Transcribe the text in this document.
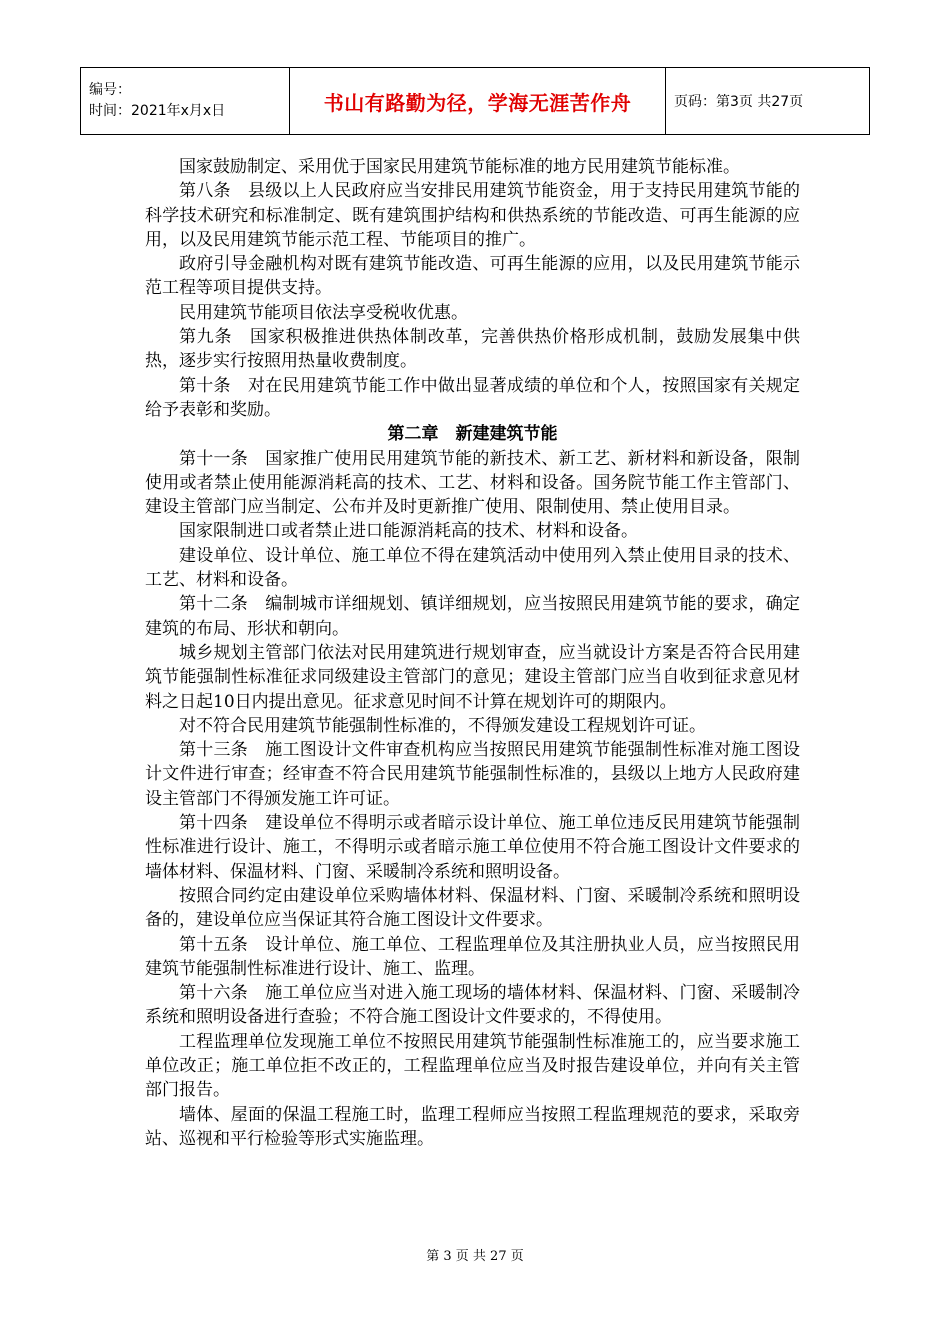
编号：
时间：2021年x月x日	书山有路勤为径，学海无涯苦作舟	页码：第3页 共27页

国家鼓励制定、采用优于国家民用建筑节能标准的地方民用建筑节能标准。

第八条　县级以上人民政府应当安排民用建筑节能资金，用于支持民用建筑节能的科学技术研究和标准制定、既有建筑围护结构和供热系统的节能改造、可再生能源的应用，以及民用建筑节能示范工程、节能项目的推广。

政府引导金融机构对既有建筑节能改造、可再生能源的应用，以及民用建筑节能示范工程等项目提供支持。

民用建筑节能项目依法享受税收优惠。

第九条　国家积极推进供热体制改革，完善供热价格形成机制，鼓励发展集中供热，逐步实行按照用热量收费制度。

第十条　对在民用建筑节能工作中做出显著成绩的单位和个人，按照国家有关规定给予表彰和奖励。

第二章　新建建筑节能

第十一条　国家推广使用民用建筑节能的新技术、新工艺、新材料和新设备，限制使用或者禁止使用能源消耗高的技术、工艺、材料和设备。国务院节能工作主管部门、建设主管部门应当制定、公布并及时更新推广使用、限制使用、禁止使用目录。

国家限制进口或者禁止进口能源消耗高的技术、材料和设备。

建设单位、设计单位、施工单位不得在建筑活动中使用列入禁止使用目录的技术、工艺、材料和设备。

第十二条　编制城市详细规划、镇详细规划，应当按照民用建筑节能的要求，确定建筑的布局、形状和朝向。

城乡规划主管部门依法对民用建筑进行规划审查，应当就设计方案是否符合民用建筑节能强制性标准征求同级建设主管部门的意见；建设主管部门应当自收到征求意见材料之日起10日内提出意见。征求意见时间不计算在规划许可的期限内。

对不符合民用建筑节能强制性标准的，不得颁发建设工程规划许可证。

第十三条　施工图设计文件审查机构应当按照民用建筑节能强制性标准对施工图设计文件进行审查；经审查不符合民用建筑节能强制性标准的，县级以上地方人民政府建设主管部门不得颁发施工许可证。

第十四条　建设单位不得明示或者暗示设计单位、施工单位违反民用建筑节能强制性标准进行设计、施工，不得明示或者暗示施工单位使用不符合施工图设计文件要求的墙体材料、保温材料、门窗、采暖制冷系统和照明设备。

按照合同约定由建设单位采购墙体材料、保温材料、门窗、采暖制冷系统和照明设备的，建设单位应当保证其符合施工图设计文件要求。

第十五条　设计单位、施工单位、工程监理单位及其注册执业人员，应当按照民用建筑节能强制性标准进行设计、施工、监理。

第十六条　施工单位应当对进入施工现场的墙体材料、保温材料、门窗、采暖制冷系统和照明设备进行查验；不符合施工图设计文件要求的，不得使用。

工程监理单位发现施工单位不按照民用建筑节能强制性标准施工的，应当要求施工单位改正；施工单位拒不改正的，工程监理单位应当及时报告建设单位，并向有关主管部门报告。

墙体、屋面的保温工程施工时，监理工程师应当按照工程监理规范的要求，采取旁站、巡视和平行检验等形式实施监理。

第 3 页 共 27 页
